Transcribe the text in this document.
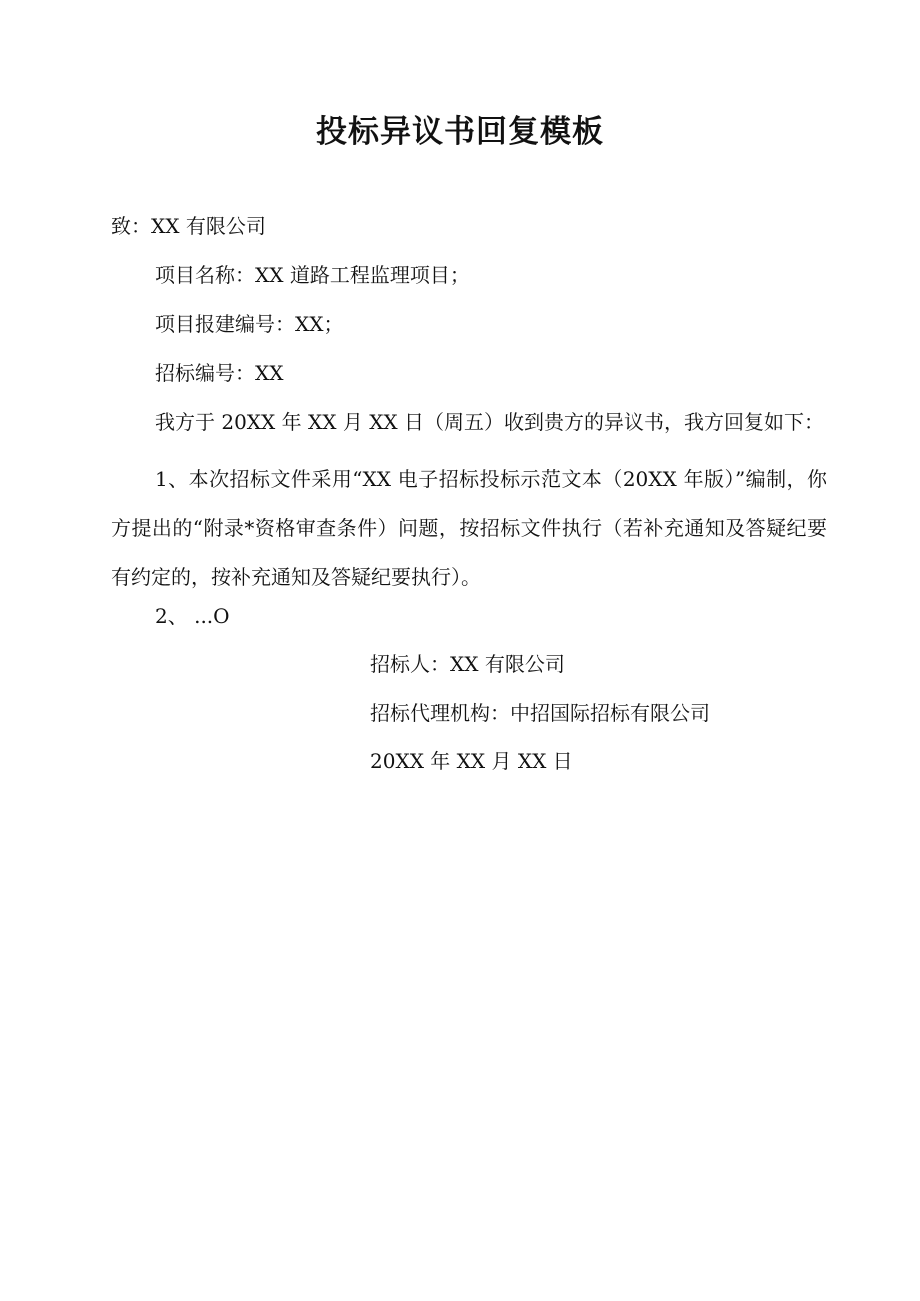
投标异议书回复模板

致：XX 有限公司

项目名称：XX 道路工程监理项目；

项目报建编号：XX；

招标编号：XX

我方于 20XX 年 XX 月 XX 日（周五）收到贵方的异议书，我方回复如下：

1、本次招标文件采用“XX 电子招标投标示范文本（20XX 年版）”编制，你方提出的“附录*资格审查条件）问题，按招标文件执行（若补充通知及答疑纪要有约定的，按补充通知及答疑纪要执行）。

2、 ...O

招标人：XX 有限公司

招标代理机构：中招国际招标有限公司

20XX 年 XX 月 XX 日
